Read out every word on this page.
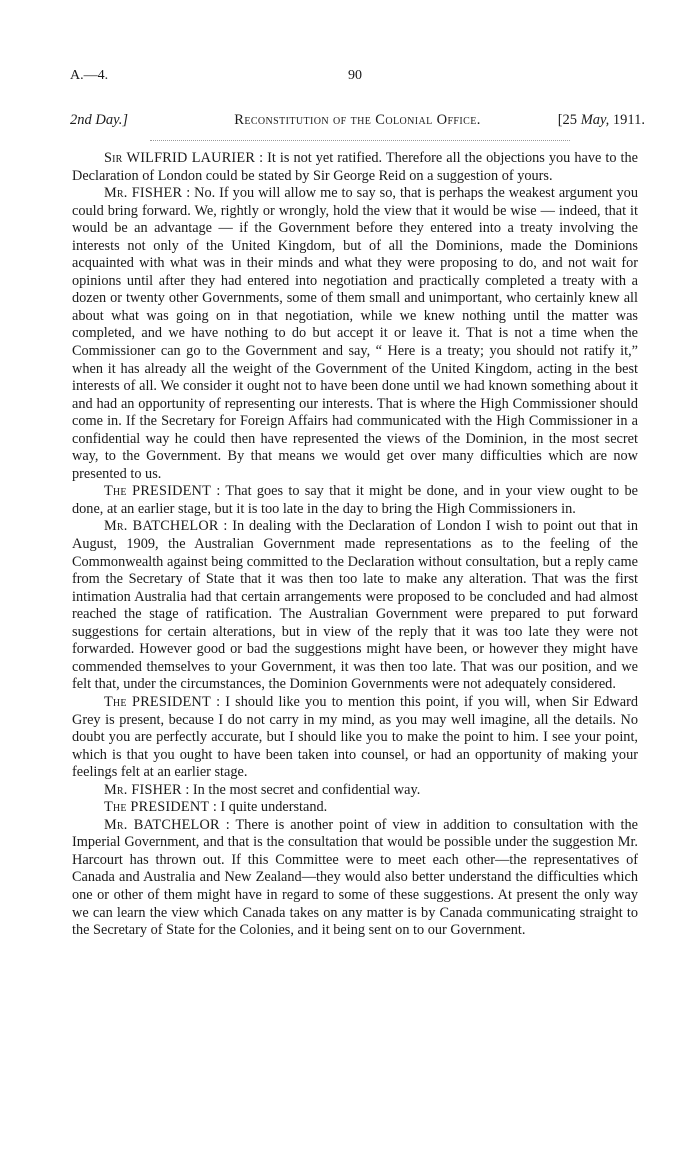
A.—4.	90
2nd Day.]	Reconstitution of the Colonial Office.	[25 May, 1911.

Sir WILFRID LAURIER : It is not yet ratified. Therefore all the objections you have to the Declaration of London could be stated by Sir George Reid on a suggestion of yours.

Mr. FISHER : No. If you will allow me to say so, that is perhaps the weakest argument you could bring forward. We, rightly or wrongly, hold the view that it would be wise — indeed, that it would be an advantage — if the Government before they entered into a treaty involving the interests not only of the United Kingdom, but of all the Dominions, made the Dominions acquainted with what was in their minds and what they were proposing to do, and not wait for opinions until after they had entered into negotiation and practically completed a treaty with a dozen or twenty other Governments, some of them small and unimportant, who certainly knew all about what was going on in that negotiation, while we knew nothing until the matter was completed, and we have nothing to do but accept it or leave it. That is not a time when the Commissioner can go to the Government and say, “ Here is a treaty; you should not ratify it,” when it has already all the weight of the Government of the United Kingdom, acting in the best interests of all. We consider it ought not to have been done until we had known something about it and had an opportunity of representing our interests. That is where the High Commissioner should come in. If the Secretary for Foreign Affairs had communicated with the High Commissioner in a confidential way he could then have represented the views of the Dominion, in the most secret way, to the Government. By that means we would get over many difficulties which are now presented to us.

The PRESIDENT : That goes to say that it might be done, and in your view ought to be done, at an earlier stage, but it is too late in the day to bring the High Commissioners in.

Mr. BATCHELOR : In dealing with the Declaration of London I wish to point out that in August, 1909, the Australian Government made representations as to the feeling of the Commonwealth against being committed to the Declaration without consultation, but a reply came from the Secretary of State that it was then too late to make any alteration. That was the first intimation Australia had that certain arrangements were proposed to be concluded and had almost reached the stage of ratification. The Australian Government were prepared to put forward suggestions for certain alterations, but in view of the reply that it was too late they were not forwarded. However good or bad the suggestions might have been, or however they might have commended themselves to your Government, it was then too late. That was our position, and we felt that, under the circumstances, the Dominion Governments were not adequately considered.

The PRESIDENT : I should like you to mention this point, if you will, when Sir Edward Grey is present, because I do not carry in my mind, as you may well imagine, all the details. No doubt you are perfectly accurate, but I should like you to make the point to him. I see your point, which is that you ought to have been taken into counsel, or had an opportunity of making your feelings felt at an earlier stage.

Mr. FISHER : In the most secret and confidential way.

The PRESIDENT : I quite understand.

Mr. BATCHELOR : There is another point of view in addition to consultation with the Imperial Government, and that is the consultation that would be possible under the suggestion Mr. Harcourt has thrown out. If this Committee were to meet each other—the representatives of Canada and Australia and New Zealand—they would also better understand the difficulties which one or other of them might have in regard to some of these suggestions. At present the only way we can learn the view which Canada takes on any matter is by Canada communicating straight to the Secretary of State for the Colonies, and it being sent on to our Government.
